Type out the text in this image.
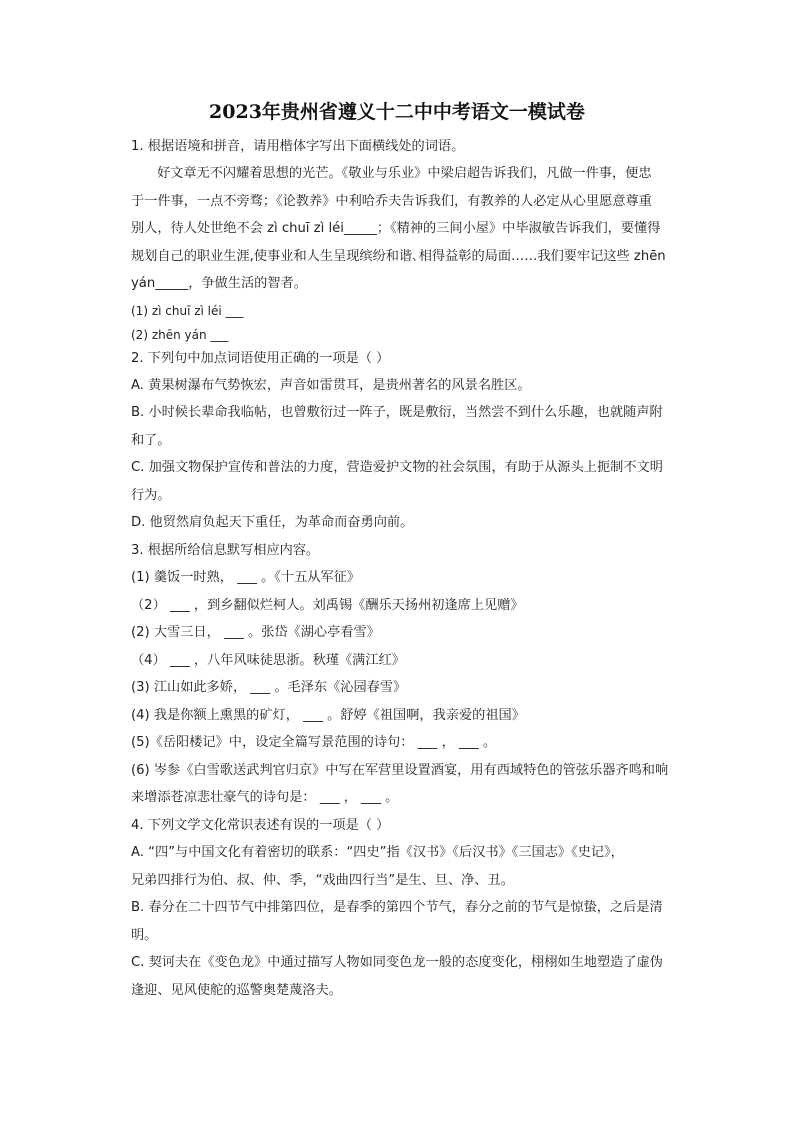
2023年贵州省遵义十二中中考语文一模试卷
1. 根据语境和拼音，请用楷体字写出下面横线处的词语。
好文章无不闪耀着思想的光芒。《敬业与乐业》中梁启超告诉我们，凡做一件事，便忠
于一件事，一点不旁骛；《论教养》中利哈乔夫告诉我们，有教养的人必定从心里愿意尊重
别人，待人处世绝不会 zì chuī zì léi_____；《精神的三间小屋》中毕淑敏告诉我们，要懂得
规划自己的职业生涯,使事业和人生呈现缤纷和谐､相得益彰的局面……我们要牢记这些 zhēn
yán_____，争做生活的智者。
(1) zì chuī zì léi ___
(2) zhēn yán ___
2. 下列句中加点词语使用正确的一项是（ ）
A. 黄果树瀑布气势恢宏，声音如雷贯耳，是贵州著名的风景名胜区。
B. 小时候长辈命我临帖，也曾敷衍过一阵子，既是敷衍，当然尝不到什么乐趣，也就随声附
和了。
C. 加强文物保护宣传和普法的力度，营造爱护文物的社会氛围，有助于从源头上扼制不文明
行为。
D. 他贸然肩负起天下重任，为革命而奋勇向前。
3. 根据所给信息默写相应内容。
(1) 羹饭一时熟， ___ 。《十五从军征》
（2） ___ ，到乡翻似烂柯人。刘禹锡《酬乐天扬州初逢席上见赠》
(2) 大雪三日， ___ 。张岱《湖心亭看雪》
（4） ___ ，八年风味徒思浙。秋瑾《满江红》
(3) 江山如此多娇， ___ 。毛泽东《沁园春雪》
(4) 我是你额上熏黑的矿灯， ___ 。舒婷《祖国啊，我亲爱的祖国》
(5)《岳阳楼记》中，设定全篇写景范围的诗句： ___ ， ___ 。
(6) 岑参《白雪歌送武判官归京》中写在军营里设置酒宴，用有西域特色的管弦乐器齐鸣和响
来增添苍凉悲壮豪气的诗句是： ___ ， ___ 。
4. 下列文学文化常识表述有误的一项是（ ）
A. “四”与中国文化有着密切的联系：“四史”指《汉书》《后汉书》《三国志》《史记》，
兄弟四排行为伯、叔、仲、季，“戏曲四行当”是生、旦、净、丑。
B. 春分在二十四节气中排第四位，是春季的第四个节气，春分之前的节气是惊蛰，之后是清
明。
C. 契诃夫在《变色龙》中通过描写人物如同变色龙一般的态度变化，栩栩如生地塑造了虚伪
逢迎、见风使舵的巡警奥楚蔑洛夫。
